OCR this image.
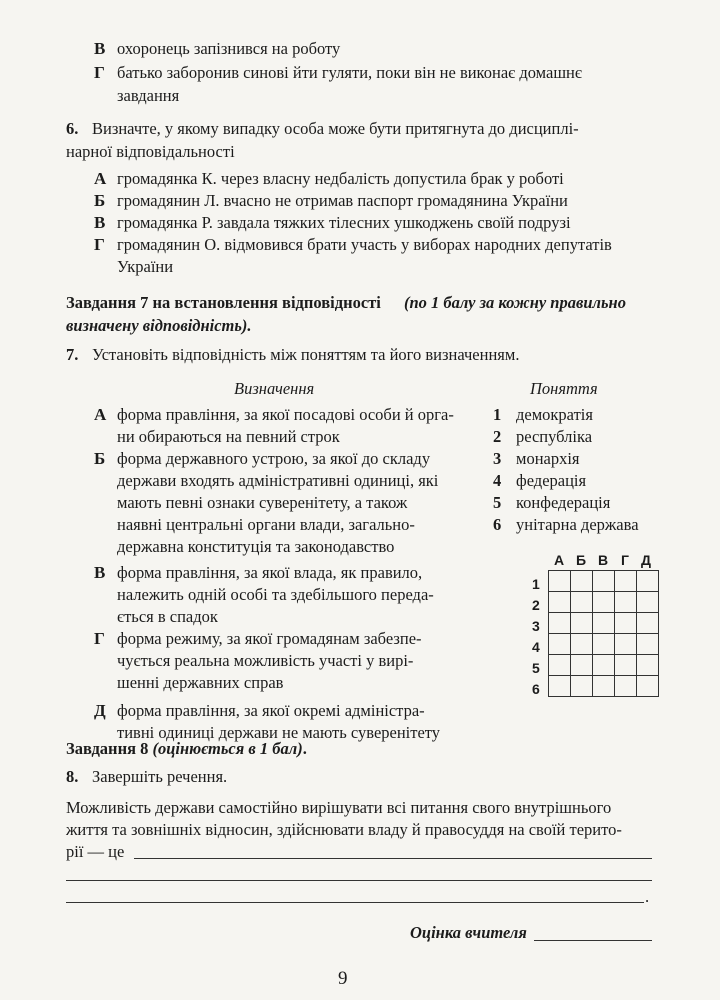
В охоронець запізнився на роботу
Г батько заборонив синові йти гуляти, поки він не виконає домашнє
завдання
6. Визначте, у якому випадку особа може бути притягнута до дисциплі-
нарної відповідальності
А громадянка К. через власну недбалість допустила брак у роботі
Б громадянин Л. вчасно не отримав паспорт громадянина України
В громадянка Р. завдала тяжких тілесних ушкоджень своїй подрузі
Г громадянин О. відмовився брати участь у виборах народних депутатів
України
Завдання 7 на встановлення відповідності (по 1 балу за кожну правильно
визначену відповідність).
7. Установіть відповідність між поняттям та його визначенням.
Визначення	Поняття
А форма правління, за якої посадові особи й орга-
ни обираються на певний строк
Б форма державного устрою, за якої до складу
держави входять адміністративні одиниці, які
мають певні ознаки суверенітету, а також
наявні центральні органи влади, загально-
державна конституція та законодавство
В форма правління, за якої влада, як правило,
належить одній особі та здебільшого переда-
ється в спадок
Г форма режиму, за якої громадянам забезпе-
чується реальна можливість участі у вирі-
шенні державних справ
Д форма правління, за якої окремі адміністра-
тивні одиниці держави не мають суверенітету
1 демократія
2 республіка
3 монархія
4 федерація
5 конфедерація
6 унітарна держава
А Б В Г Д
1
2
3
4
5
6

Завдання 8 (оцінюється в 1 бал).
8. Завершіть речення.
Можливість держави самостійно вирішувати всі питання свого внутрішнього
життя та зовнішніх відносин, здійснювати владу й правосуддя на своїй терито-
рії — це
.
Оцінка вчителя
9
